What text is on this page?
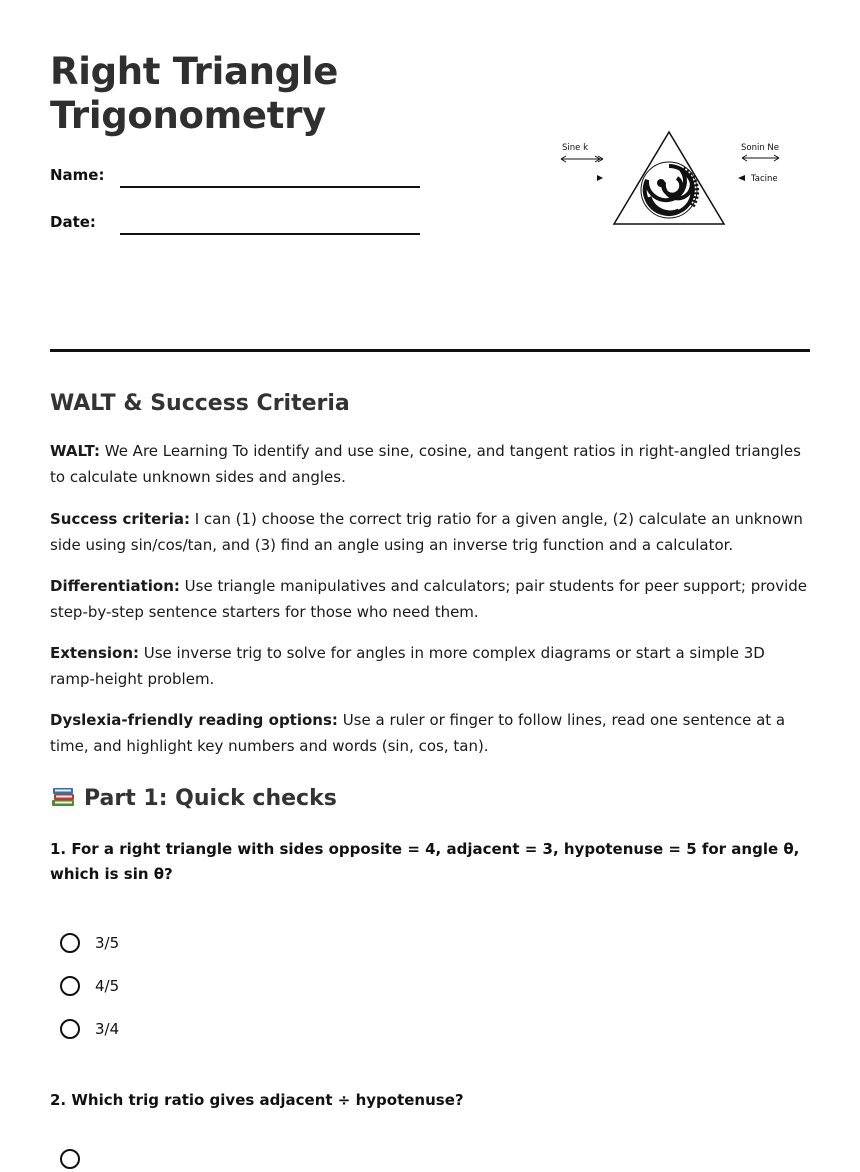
Right Triangle Trigonometry
Name:
Date:
Sine k	Sonin Ne
Tacine
WALT & Success Criteria

WALT: We Are Learning To identify and use sine, cosine, and tangent ratios in right-angled triangles to calculate unknown sides and angles.

Success criteria: I can (1) choose the correct trig ratio for a given angle, (2) calculate an unknown side using sin/cos/tan, and (3) find an angle using an inverse trig function and a calculator.

Differentiation: Use triangle manipulatives and calculators; pair students for peer support; provide step-by-step sentence starters for those who need them.

Extension: Use inverse trig to solve for angles in more complex diagrams or start a simple 3D ramp-height problem.

Dyslexia-friendly reading options: Use a ruler or finger to follow lines, read one sentence at a time, and highlight key numbers and words (sin, cos, tan).

Part 1: Quick checks

1. For a right triangle with sides opposite = 4, adjacent = 3, hypotenuse = 5 for angle θ, which is sin θ?

3/5
4/5
3/4

2. Which trig ratio gives adjacent ÷ hypotenuse?
